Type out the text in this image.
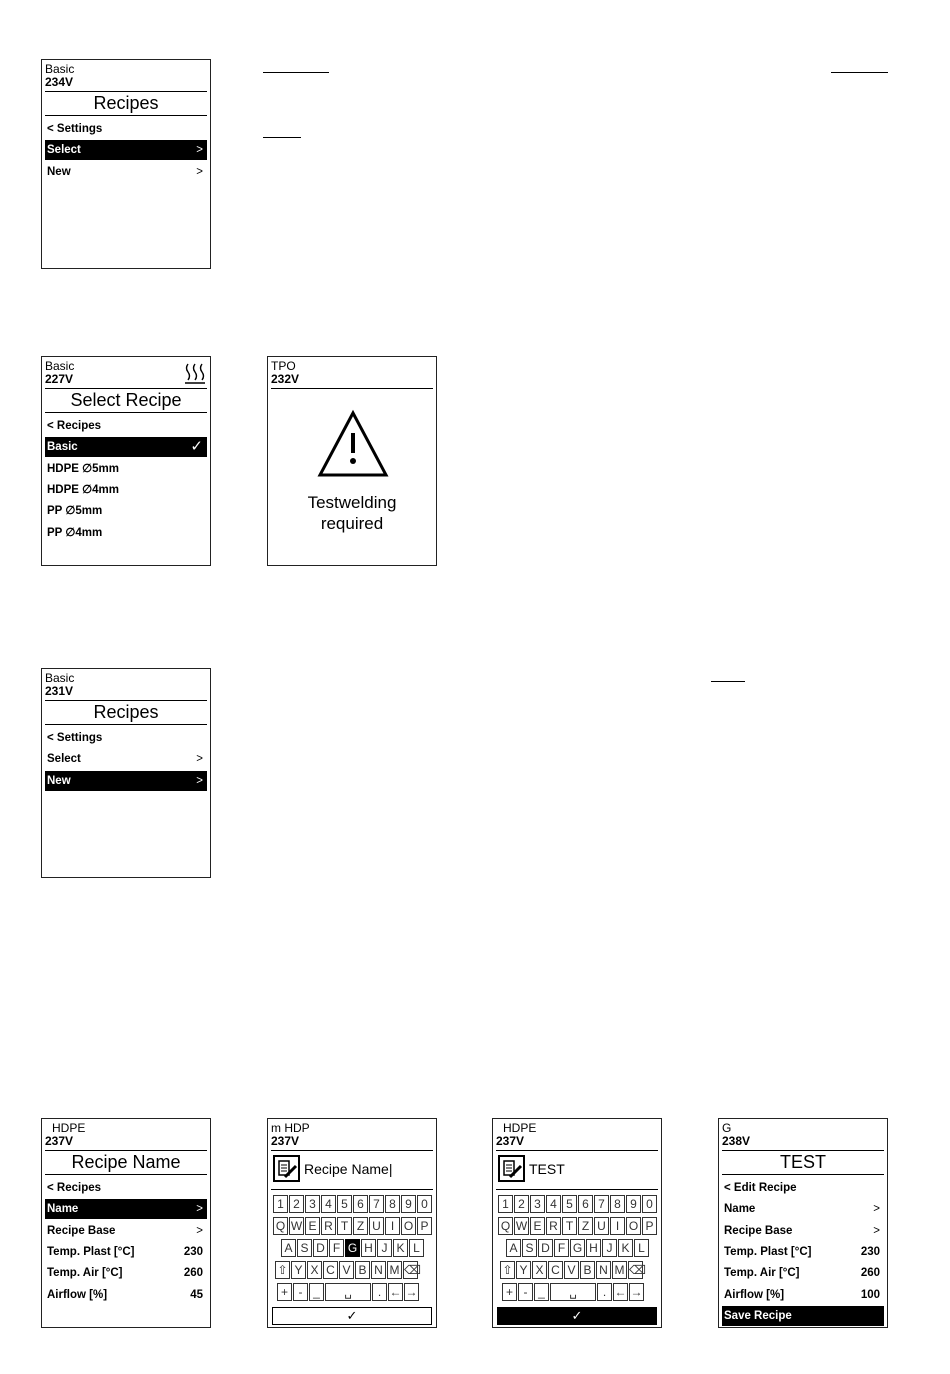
Basic
234V
Recipes
< Settings
Select	>
New	>
Basic
227V
Select Recipe
< Recipes
Basic	✓
HDPE ∅5mm
HDPE ∅4mm
PP ∅5mm
PP ∅4mm
TPO
232V
Testwelding
required
Basic
231V
Recipes
< Settings
Select	>
New	>
HDPE
237V
Recipe Name
< Recipes
Name	>
Recipe Base	>
Temp. Plast [°C]	230
Temp. Air [°C]	260
Airflow [%]	45
m HDP
237V
Recipe Name|
1 2 3 4 5 6 7 8 9 0
Q W E R T Z U I O P
A S D F G H J K L
⇧ Y X C V B N M ⌫
+ - _	␣	. ← →
✓
HDPE
237V
TEST
1 2 3 4 5 6 7 8 9 0
Q W E R T Z U I O P
A S D F G H J K L
⇧ Y X C V B N M ⌫
+ - _	␣	. ← →
✓
G
238V
TEST
< Edit Recipe
Name	>
Recipe Base	>
Temp. Plast [°C]	230
Temp. Air [°C]	260
Airflow [%]	100
Save Recipe
